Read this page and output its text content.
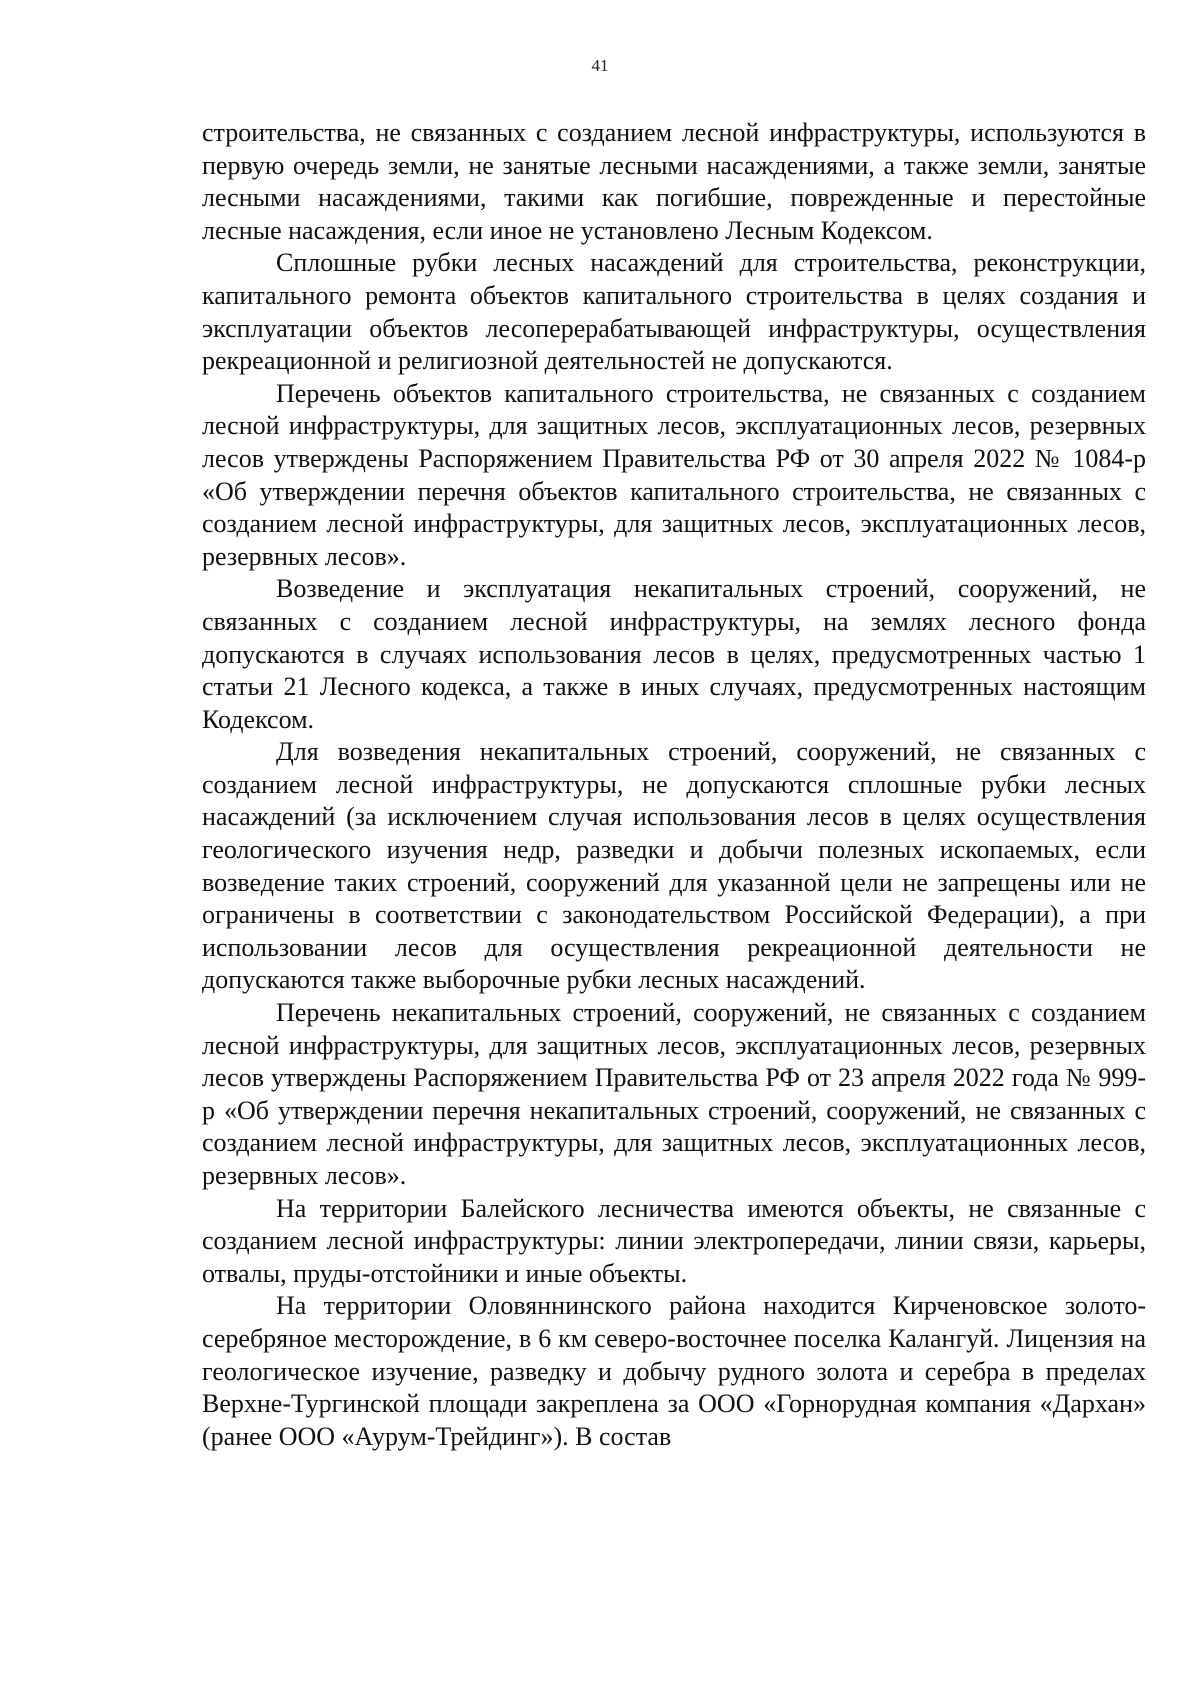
41

строительства, не связанных с созданием лесной инфраструктуры, используются в первую очередь земли, не занятые лесными насаждениями, а также земли, занятые лесными насаждениями, такими как погибшие, поврежденные и перестойные лесные насаждения, если иное не установлено Лесным Кодексом.

Сплошные рубки лесных насаждений для строительства, реконструкции, капитального ремонта объектов капитального строительства в целях создания и эксплуатации объектов лесоперерабатывающей инфраструктуры, осуществления рекреационной и религиозной деятельностей не допускаются.

Перечень объектов капитального строительства, не связанных с созданием лесной инфраструктуры, для защитных лесов, эксплуатационных лесов, резервных лесов утверждены Распоряжением Правительства РФ от 30 апреля 2022 № 1084-р «Об утверждении перечня объектов капитального строительства, не связанных с созданием лесной инфраструктуры, для защитных лесов, эксплуатационных лесов, резервных лесов».

Возведение и эксплуатация некапитальных строений, сооружений, не связанных с созданием лесной инфраструктуры, на землях лесного фонда допускаются в случаях использования лесов в целях, предусмотренных частью 1 статьи 21 Лесного кодекса, а также в иных случаях, предусмотренных настоящим Кодексом.

Для возведения некапитальных строений, сооружений, не связанных с созданием лесной инфраструктуры, не допускаются сплошные рубки лесных насаждений (за исключением случая использования лесов в целях осуществления геологического изучения недр, разведки и добычи полезных ископаемых, если возведение таких строений, сооружений для указанной цели не запрещены или не ограничены в соответствии с законодательством Российской Федерации), а при использовании лесов для осуществления рекреационной деятельности не допускаются также выборочные рубки лесных насаждений.

Перечень некапитальных строений, сооружений, не связанных с созданием лесной инфраструктуры, для защитных лесов, эксплуатационных лесов, резервных лесов утверждены Распоряжением Правительства РФ от 23 апреля 2022 года № 999-р «Об утверждении перечня некапитальных строений, сооружений, не связанных с созданием лесной инфраструктуры, для защитных лесов, эксплуатационных лесов, резервных лесов».

На территории Балейского лесничества имеются объекты, не связанные с созданием лесной инфраструктуры: линии электропередачи, линии связи, карьеры, отвалы, пруды-отстойники и иные объекты.

На территории Оловяннинского района находится Кирченовское золото-серебряное месторождение, в 6 км северо-восточнее поселка Калангуй. Лицензия на геологическое изучение, разведку и добычу рудного золота и серебра в пределах Верхне-Тургинской площади закреплена за ООО «Горнорудная компания «Дархан» (ранее ООО «Аурум-Трейдинг»). В состав
